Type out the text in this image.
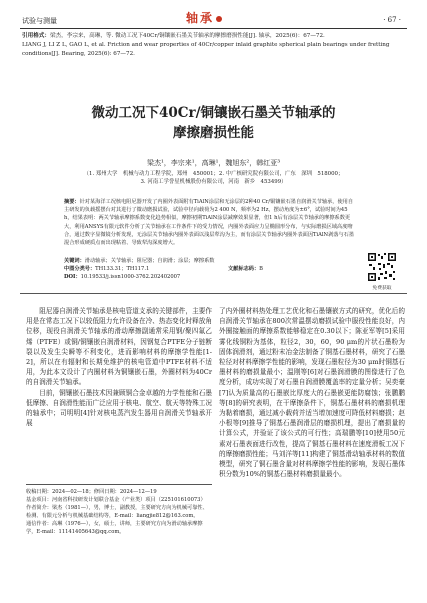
试验与测量	轴承	· 67 ·
引用格式：梁杰，李宗来，高琳，等. 微动工况下40Cr/铜镶嵌石墨关节轴承的摩擦磨损性能[J]. 轴承，2025(6)：67—72.
LIANG J, LI Z L, GAO L, et al. Friction and wear properties of 40Cr/copper inlaid graphite spherical plain bearings under fretting conditions[J]. Bearing, 2025(6): 67—72.
微动工况下40Cr/铜镶嵌石墨关节轴承的
摩擦磨损性能
梁杰¹，李宗来¹，高琳¹，魏旭东²，韩红亚³
（1. 郑州大学　机械与动力工程学院，郑州　450001；2. 中广核研究院有限公司，广东　深圳　518000；
3. 河南工学誉星机械股份有限公司，河南　新乡　453499）
摘要：针对某海洋工况核电阻尼器开发了内圈外表面附有TiAlN涂层和无涂层的2种40 Cr/铜镶嵌石墨自润滑关节轴承，使用自主研发的负载摇摆台对其进行了微动磨损试验，试验中径向载荷为2 400 N，频率为2 Hz，摆动角度为±6°，试验时间为45 h，结果表明：两关节轴承摩擦系数变化趋势相似，摩擦初期TiAlN涂层减摩效果显著，但1 h后有涂层关节轴承的摩擦系数更大，利用ANSYS有限元软件分析了关节轴承在工作条件下的受力情况，内圈外表面应力呈椭圆形分布，与实际磨损区域高度吻合，通过数字显微镜分析发现，无涂层关节轴承内圈外表面以浅层犁沟为主，而有涂层关节轴承内圈外表面因TiAlN剥落与石墨混合形成硬质点而出现粘着、导致犁沟深度增大。
关键词：滑动轴承；关节轴承；阻尼器；自润滑；涂层；摩擦系数
中图分类号：TH133.31；TH117.1
DOI：10.19533/j.issn1000-3762.202402007
文献标志码：B
免费获取
阻尼器自润滑关节轴承是核电管道支承的关键部件，主要作用是在常态工况下以较低阻力允许设备在冷、热态变化时释放角位移，现役自润滑关节轴承的滑动摩擦副通常采用钢/聚四氟乙烯（PTFE）或铜/铜镶嵌自润滑材料，因钢复合PTFE分子链断裂以及发生尖瞬等不利变化，进而影响材料的摩擦学性能[1-2]，所以在有辐射和长期免维护的核电管道中PTFE材料不适用，为此本文设计了内圈材料为铜镶嵌石墨，外圈材料为40Cr的自润滑关节轴承。
目前，铜镶嵌石墨技术因兼顾铜合金卓越的力学性能和石墨低摩擦、自润滑性能而广泛应用于核电、航空、航天等特殊工况的轴承中；司明明[4]针对核电蒸汽发生器用自润滑关节轴承开展
了内外圈材料热处理工艺优化和石墨镶嵌方式的研究，优化后的自润滑关节轴承在800次常温摆动磨损试验中服役性能良好，内外圈接触面的摩擦系数能够稳定在0.30以下；陈亚军等[5]采用雾化线铜粉为基体，粒径2，30，60，90 μm的片状石墨粉为固体润滑剂，通过粉末冶金法制备了铜基石墨材料，研究了石墨粒径对材料摩擦学性能的影响，发现石墨粒径为30 μm时铜基石墨材料的磨损量最小；温刚等[6]对石墨润滑膜的图像进行了色度分析，成功实现了对石墨自润滑膜覆盖率的定量分析；吴奕豪[7]认为质量高的石墨嵌比厚度大的石墨嵌更能防腐蚀；张鹏鹏等[8]的研究表明，在干摩擦条件下，铜基石墨材料的磨损机理为黏着磨损，通过减小载荷并适当增加速度可降低材料磨损；赵小根等[9]推导了铜基石墨润滑层的磨损机理，提出了磨损量的计算公式，并验证了该公式的可行性；高瑞鹏等[10]使用50元素对石墨表面进行改性，提高了铜基石墨材料在速度滑板工况下的摩擦磨损性能；马刘洋等[11]构建了铜基滑动轴承材料的数值模型，研究了铜石墨含量对材料摩擦学性能的影响，发现石墨体积分数为10%的铜基石墨材料磨损量最小。
收稿日期：2024—02—18；修回日期：2024—12—19
基金项目：河南省科技研发计划联合基金（产业类）项目（225101610073）
作者简介：梁杰（1981—），男，博士，副教授，主要研究方向为机械可靠性、检测、有限元分析与机械基础结构等，E-mail：liangjie812@163.com。
通信作者：高琳（1976—），女，硕士，讲师，主要研究方向为滑动轴承摩擦学，E-mail：11141405643@qq.com。
